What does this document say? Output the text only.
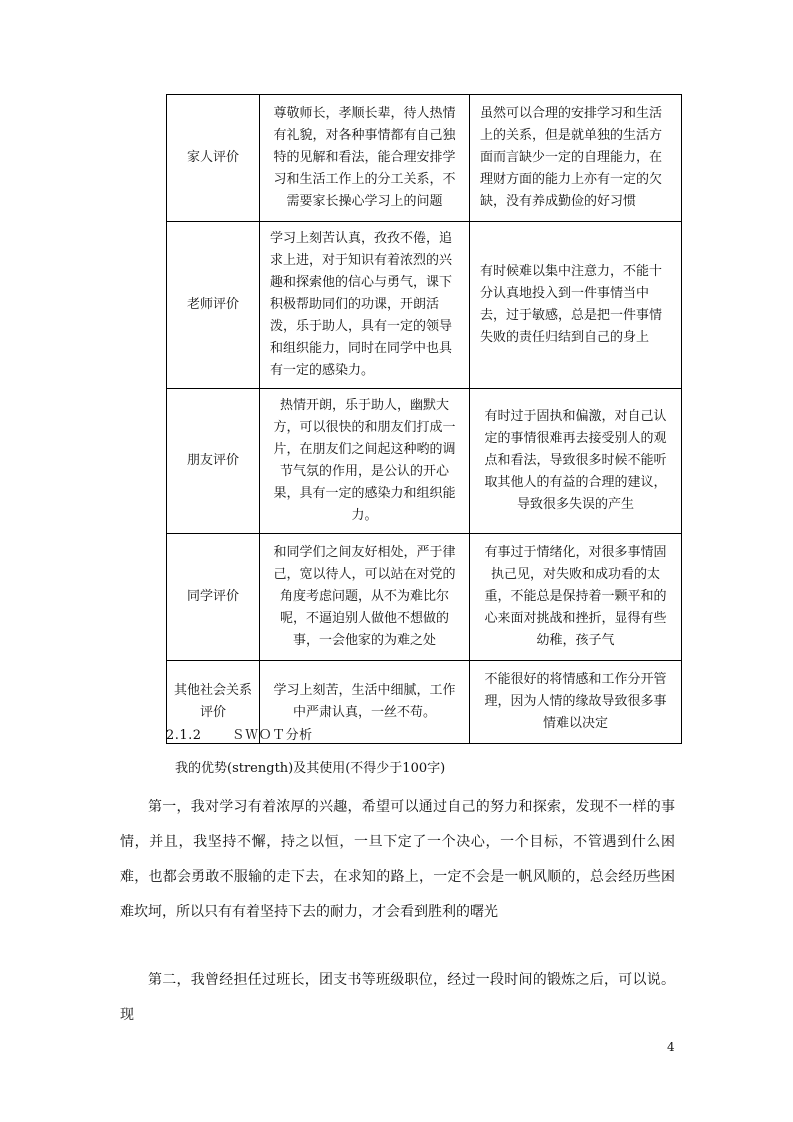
家人评价	尊敬师长，孝顺长辈，待人热情有礼貌，对各种事情都有自己独特的见解和看法，能合理安排学习和生活工作上的分工关系，不需要家长操心学习上的问题	虽然可以合理的安排学习和生活上的关系，但是就单独的生活方面而言缺少一定的自理能力，在理财方面的能力上亦有一定的欠缺，没有养成勤俭的好习惯
老师评价	学习上刻苦认真，孜孜不倦，追求上进，对于知识有着浓烈的兴趣和探索他的信心与勇气，课下积极帮助同们的功课，开朗活泼，乐于助人，具有一定的领导和组织能力，同时在同学中也具有一定的感染力。	有时候难以集中注意力，不能十分认真地投入到一件事情当中去，过于敏感，总是把一件事情失败的责任归结到自己的身上
朋友评价	热情开朗，乐于助人，幽默大方，可以很快的和朋友们打成一片，在朋友们之间起这种哟的调节气氛的作用，是公认的开心果，具有一定的感染力和组织能力。	有时过于固执和偏激，对自己认定的事情很难再去接受别人的观点和看法，导致很多时候不能听取其他人的有益的合理的建议，导致很多失误的产生
同学评价	和同学们之间友好相处，严于律己，宽以待人，可以站在对党的角度考虑问题，从不为难比尔呢，不逼迫别人做他不想做的事，一会他家的为难之处	有事过于情绪化，对很多事情固执己见，对失败和成功看的太重，不能总是保持着一颗平和的心来面对挑战和挫折，显得有些幼稚，孩子气
其他社会关系评价	学习上刻苦，生活中细腻，工作中严肃认真，一丝不苟。	不能很好的将情感和工作分开管理，因为人情的缘故导致很多事情难以决定
2.1.2 ＳＷＯＴ分析
我的优势(strength)及其使用(不得少于100字)

第一，我对学习有着浓厚的兴趣，希望可以通过自己的努力和探索，发现不一样的事情，并且，我坚持不懈，持之以恒，一旦下定了一个决心，一个目标，不管遇到什么困难，也都会勇敢不服输的走下去，在求知的路上，一定不会是一帆风顺的，总会经历些困难坎坷，所以只有有着坚持下去的耐力，才会看到胜利的曙光

第二，我曾经担任过班长，团支书等班级职位，经过一段时间的锻炼之后，可以说。现

4
